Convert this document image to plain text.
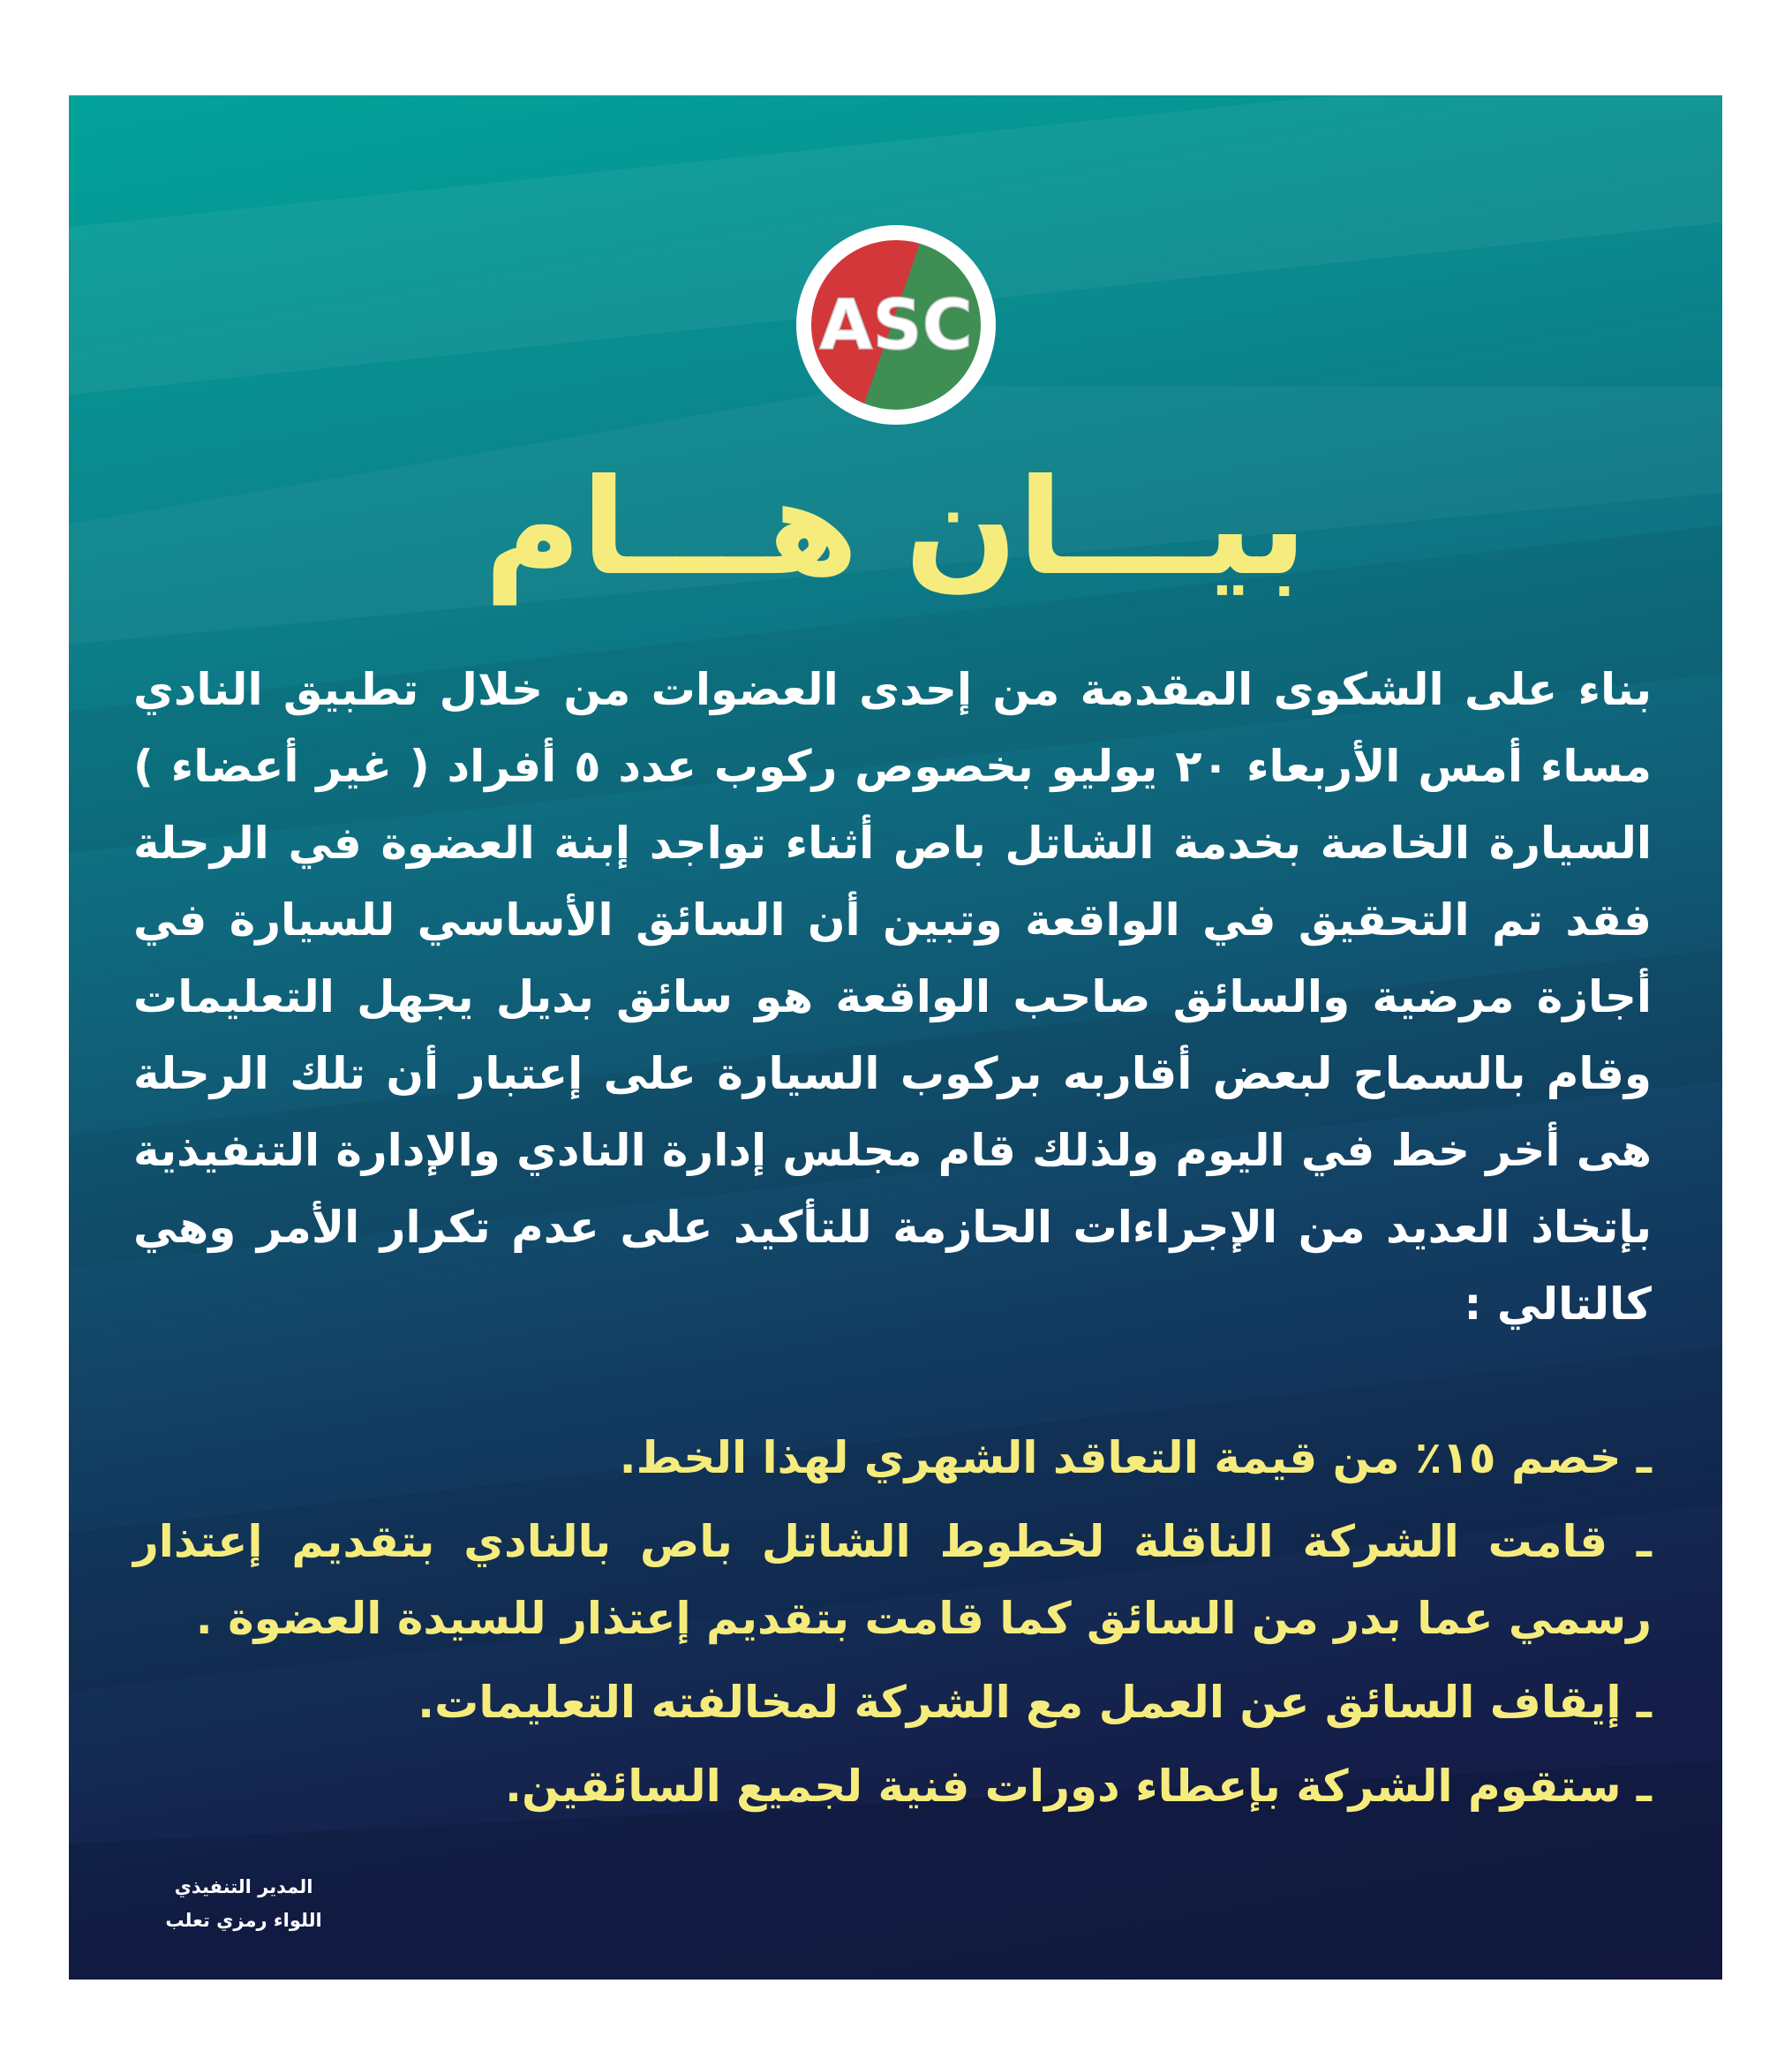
ASC
بيـــان هـــام

بناء على الشكوى المقدمة من إحدى العضوات من خلال تطبيق النادي مساء أمس الأربعاء ٢٠ يوليو بخصوص ركوب عدد ٥ أفراد ( غير أعضاء ) السيارة الخاصة بخدمة الشاتل باص أثناء تواجد إبنة العضوة في الرحلة فقد تم التحقيق في الواقعة وتبين أن السائق الأساسي للسيارة في أجازة مرضية والسائق صاحب الواقعة هو سائق بديل يجهل التعليمات وقام بالسماح لبعض أقاربه بركوب السيارة على إعتبار أن تلك الرحلة هى أخر خط في اليوم ولذلك قام مجلس إدارة النادي والإدارة التنفيذية بإتخاذ العديد من الإجراءات الحازمة للتأكيد على عدم تكرار الأمر وهي كالتالي :

ـ خصم ١٥٪ من قيمة التعاقد الشهري لهذا الخط.
ـ قامت الشركة الناقلة لخطوط الشاتل باص بالنادي بتقديم إعتذار رسمي عما بدر من السائق كما قامت بتقديم إعتذار للسيدة العضوة .
ـ إيقاف السائق عن العمل مع الشركة لمخالفته التعليمات.
ـ ستقوم الشركة بإعطاء دورات فنية لجميع السائقين.
المدير التنفيذي
اللواء رمزي تعلب
